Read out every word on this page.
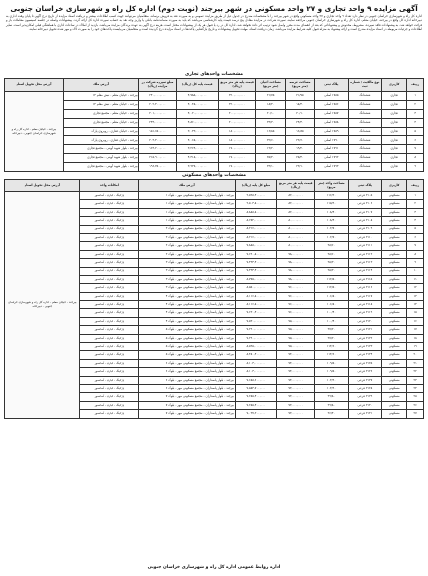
آگهی مزایده ۹ واحد تجاری و ۲۷ واحد مسکونی در شهر بیرجند (نوبت دوم) اداره کل راه و شهرسازی خراسان جنوبی
اداره کل راه و شهرسازی خراسان جنوبی در نظر دارد تعداد ۹ واحد تجاری و ۲۷ واحد مسکونی واقع در شهر بیرجند را با مشخصات مندرج در جدول ذیل از طریق مزایده عمومی و به صورت نقد به فروش برساند. متقاضیان می‌توانند جهت کسب اطلاعات بیشتر و دریافت اسناد مزایده از تاریخ درج آگهی تا پایان وقت اداری به دبیرخانه اداره کل واقع در بیرجند، خیابان معلم، اداره کل راه و شهرسازی خراسان جنوبی مراجعه نمایند. سپرده شرکت در مزایده معادل پنج درصد قیمت پایه کارشناسی می‌باشد که باید به صورت ضمانت‌نامه بانکی یا واریز وجه نقد به حساب سپرده اداره کل ارائه گردد. پیشنهادات واصله در جلسه کمیسیون معاملات باز و قرائت خواهد شد. به پیشنهادات فاقد سپرده، مشروط، مخدوش و پیشنهاداتی که بعد از انقضای مدت مقرر واصل شود ترتیب اثر داده نخواهد شد. اداره کل در رد یا قبول هر یک از پیشنهادات مختار است. هزینه درج آگهی به عهده برندگان مزایده می‌باشد. بازدید از املاک در ساعات اداری با هماهنگی قبلی امکان‌پذیر است. سایر اطلاعات و جزئیات مربوطه در اسناد مزایده مندرج است و ارائه پیشنهاد به منزله قبول کلیه شرایط مزایده می‌باشد. زمان دریافت اسناد، مهلت تحویل پیشنهادات و تاریخ بازگشایی پاکت‌ها در اسناد مزایده درج گردیده است و متقاضیان می‌بایست پاکت‌های خود را به صورت لاک و مهر شده تحویل دبیرخانه نمایند.
مشخصات واحدهای تجاری
ردیف	کاربری	نوع مالکیت / شماره ثبت	پلاک ثبتی	مساحت عرصه (متر مربع)	مساحت اعیان (متر مربع)	قیمت پایه هر متر مربع (ریال)	قیمت پایه کل (ریال)	مبلغ سپرده شرکت در مزایده (ریال)	آدرس ملک	آدرس محل تحویل اسناد
۱	تجاری	ششدانگ	۱۷۸۵ اصلی	۲۱/۷۵	۲۱/۷۵	۲۲۰,۰۰۰,۰۰۰	۴,۷۸۵,۰۰۰,۰۰۰	۲۴۰,۰۰۰,۰۰۰	بیرجند - خیابان معلم - نبش معلم ۱۳	بیرجند - خیابان معلم - اداره کل راه و شهرسازی خراسان جنوبی - دبیرخانه
۲	تجاری	ششدانگ	۱۷۸۶ اصلی	۱۸/۴۰	۱۸/۴۰	۲۲۰,۰۰۰,۰۰۰	۴,۰۴۸,۰۰۰,۰۰۰	۲۰۲,۴۰۰,۰۰۰	بیرجند - خیابان معلم - نبش معلم ۱۳	
۳	تجاری	ششدانگ	۱۷۸۷ اصلی	۲۰/۱۰	۲۰/۱۰	۲۰۰,۰۰۰,۰۰۰	۴,۰۲۰,۰۰۰,۰۰۰	۲۰۱,۰۰۰,۰۰۰	بیرجند - خیابان معلم - مجتمع تجاری	
۴	تجاری	ششدانگ	۱۷۸۸ اصلی	۲۴/۳۰	۲۴/۳۰	۲۰۰,۰۰۰,۰۰۰	۴,۸۶۰,۰۰۰,۰۰۰	۲۴۳,۰۰۰,۰۰۰	بیرجند - خیابان معلم - مجتمع تجاری	
۵	تجاری	ششدانگ	۱۷۸۹ اصلی	۱۶/۸۵	۱۶/۸۵	۱۸۰,۰۰۰,۰۰۰	۳,۰۳۳,۰۰۰,۰۰۰	۱۵۱,۶۵۰,۰۰۰	بیرجند - خیابان غفاری - روبروی پارک	
۶	تجاری	ششدانگ	۱۷۹۰ اصلی	۲۲/۶۰	۲۲/۶۰	۱۸۰,۰۰۰,۰۰۰	۴,۰۶۸,۰۰۰,۰۰۰	۲۰۳,۴۰۰,۰۰۰	بیرجند - خیابان غفاری - روبروی پارک	
۷	تجاری	ششدانگ	۱۷۹۱ اصلی	۱۹/۲۰	۱۹/۲۰	۱۷۰,۰۰۰,۰۰۰	۳,۲۶۴,۰۰۰,۰۰۰	۱۶۳,۲۰۰,۰۰۰	بیرجند - بلوار شهید آوینی - مجتمع تجاری	
۸	تجاری	ششدانگ	۱۷۹۲ اصلی	۲۵/۴۰	۲۵/۴۰	۱۷۰,۰۰۰,۰۰۰	۴,۳۱۸,۰۰۰,۰۰۰	۲۱۵,۹۰۰,۰۰۰	بیرجند - بلوار شهید آوینی - مجتمع تجاری	
۹	تجاری	ششدانگ	۱۷۹۳ اصلی	۲۳/۱۰	۲۳/۱۰	۱۷۰,۰۰۰,۰۰۰	۳,۹۲۷,۰۰۰,۰۰۰	۱۹۶,۳۵۰,۰۰۰	بیرجند - بلوار شهید آوینی - مجتمع تجاری	
مشخصات واحدهای مسکونی
ردیف	کاربری	پلاک ثبتی	مساحت واحد (متر مربع)	قیمت پایه هر متر مربع (ریال)	مبلغ کل پایه (ریال)	آدرس ملک	امکانات واحد	آدرس محل تحویل اسناد
۱	مسکونی	۲۱۰۵ فرعی	۱۱۶/۲۰	۸۲,۰۰۰,۰۰۰	۹,۵۲۸,۴۰۰,۰۰۰	بیرجند - بلوار پاسداران - مجتمع مسکونی مهر - بلوک ۱	پارکینگ - انباری - آسانسور	بیرجند - خیابان معلم - اداره کل راه و شهرسازی خراسان جنوبی - دبیرخانه
۲	مسکونی	۲۱۰۶ فرعی	۱۱۵/۹۰	۸۲,۰۰۰,۰۰۰	۹,۵۰۳,۸۰۰,۰۰۰	بیرجند - بلوار پاسداران - مجتمع مسکونی مهر - بلوک ۱	پارکینگ - انباری - آسانسور	
۳	مسکونی	۲۱۰۷ فرعی	۱۰۸/۴۰	۸۲,۰۰۰,۰۰۰	۸,۸۸۸,۸۰۰,۰۰۰	بیرجند - بلوار پاسداران - مجتمع مسکونی مهر - بلوک ۱	پارکینگ - انباری - آسانسور	
۴	مسکونی	۲۱۰۸ فرعی	۱۰۸/۴۰	۸۰,۰۰۰,۰۰۰	۸,۶۷۲,۰۰۰,۰۰۰	بیرجند - بلوار پاسداران - مجتمع مسکونی مهر - بلوک ۱	پارکینگ - انباری - آسانسور	
۵	مسکونی	۲۱۰۹ فرعی	۱۰۲/۷۰	۸۰,۰۰۰,۰۰۰	۸,۲۱۶,۰۰۰,۰۰۰	بیرجند - بلوار پاسداران - مجتمع مسکونی مهر - بلوک ۲	پارکینگ - انباری - آسانسور	
۶	مسکونی	۲۱۱۰ فرعی	۱۰۲/۷۰	۸۰,۰۰۰,۰۰۰	۸,۲۱۶,۰۰۰,۰۰۰	بیرجند - بلوار پاسداران - مجتمع مسکونی مهر - بلوک ۲	پارکینگ - انباری - آسانسور	
۷	مسکونی	۲۱۱۱ فرعی	۹۸/۶۰	۸۰,۰۰۰,۰۰۰	۷,۸۸۸,۰۰۰,۰۰۰	بیرجند - بلوار پاسداران - مجتمع مسکونی مهر - بلوک ۲	پارکینگ - انباری - آسانسور	
۸	مسکونی	۲۱۱۲ فرعی	۹۸/۶۰	۷۸,۰۰۰,۰۰۰	۷,۶۹۰,۸۰۰,۰۰۰	بیرجند - بلوار پاسداران - مجتمع مسکونی مهر - بلوک ۲	پارکینگ - انباری - آسانسور	
۹	مسکونی	۲۱۱۳ فرعی	۹۵/۳۰	۷۸,۰۰۰,۰۰۰	۷,۴۳۳,۴۰۰,۰۰۰	بیرجند - بلوار پاسداران - مجتمع مسکونی مهر - بلوک ۳	پارکینگ - انباری - آسانسور	
۱۰	مسکونی	۲۱۱۴ فرعی	۹۵/۳۰	۷۸,۰۰۰,۰۰۰	۷,۴۳۳,۴۰۰,۰۰۰	بیرجند - بلوار پاسداران - مجتمع مسکونی مهر - بلوک ۳	پارکینگ - انباری - آسانسور	
۱۱	مسکونی	۲۱۱۵ فرعی	۱۱۲/۵۰	۷۸,۰۰۰,۰۰۰	۸,۷۷۵,۰۰۰,۰۰۰	بیرجند - بلوار پاسداران - مجتمع مسکونی مهر - بلوک ۳	پارکینگ - انباری - آسانسور	
۱۲	مسکونی	۲۱۱۶ فرعی	۱۱۲/۵۰	۷۶,۰۰۰,۰۰۰	۸,۵۵۰,۰۰۰,۰۰۰	بیرجند - بلوار پاسداران - مجتمع مسکونی مهر - بلوک ۳	پارکینگ - انباری - آسانسور	
۱۳	مسکونی	۲۱۱۷ فرعی	۱۰۶/۸۰	۷۶,۰۰۰,۰۰۰	۸,۱۱۶,۸۰۰,۰۰۰	بیرجند - بلوار پاسداران - مجتمع مسکونی مهر - بلوک ۴	پارکینگ - انباری - آسانسور	
۱۴	مسکونی	۲۱۱۸ فرعی	۱۰۶/۸۰	۷۶,۰۰۰,۰۰۰	۸,۱۱۶,۸۰۰,۰۰۰	بیرجند - بلوار پاسداران - مجتمع مسکونی مهر - بلوک ۴	پارکینگ - انباری - آسانسور	
۱۵	مسکونی	۲۱۱۹ فرعی	۱۰۰/۴۰	۷۶,۰۰۰,۰۰۰	۷,۶۳۰,۴۰۰,۰۰۰	بیرجند - بلوار پاسداران - مجتمع مسکونی مهر - بلوک ۴	پارکینگ - انباری - آسانسور	
۱۶	مسکونی	۲۱۲۰ فرعی	۱۰۰/۴۰	۷۵,۰۰۰,۰۰۰	۷,۵۳۰,۰۰۰,۰۰۰	بیرجند - بلوار پاسداران - مجتمع مسکونی مهر - بلوک ۴	پارکینگ - انباری - آسانسور	
۱۷	مسکونی	۲۱۲۱ فرعی	۹۷/۲۰	۷۵,۰۰۰,۰۰۰	۷,۲۹۰,۰۰۰,۰۰۰	بیرجند - بلوار پاسداران - مجتمع مسکونی مهر - بلوک ۵	پارکینگ - انباری - آسانسور	
۱۸	مسکونی	۲۱۲۲ فرعی	۹۷/۲۰	۷۵,۰۰۰,۰۰۰	۷,۲۹۰,۰۰۰,۰۰۰	بیرجند - بلوار پاسداران - مجتمع مسکونی مهر - بلوک ۵	پارکینگ - انباری - آسانسور	
۱۹	مسکونی	۲۱۲۳ فرعی	۱۱۴/۶۰	۷۵,۰۰۰,۰۰۰	۸,۵۹۵,۰۰۰,۰۰۰	بیرجند - بلوار پاسداران - مجتمع مسکونی مهر - بلوک ۵	پارکینگ - انباری - آسانسور	
۲۰	مسکونی	۲۱۲۴ فرعی	۱۱۴/۶۰	۷۴,۰۰۰,۰۰۰	۸,۴۸۰,۴۰۰,۰۰۰	بیرجند - بلوار پاسداران - مجتمع مسکونی مهر - بلوک ۵	پارکینگ - انباری - آسانسور	
۲۱	مسکونی	۲۱۲۵ فرعی	۱۰۹/۵۰	۷۴,۰۰۰,۰۰۰	۸,۱۰۳,۰۰۰,۰۰۰	بیرجند - بلوار پاسداران - مجتمع مسکونی مهر - بلوک ۶	پارکینگ - انباری - آسانسور	
۲۲	مسکونی	۲۱۲۶ فرعی	۱۰۹/۵۰	۷۴,۰۰۰,۰۰۰	۸,۱۰۳,۰۰۰,۰۰۰	بیرجند - بلوار پاسداران - مجتمع مسکونی مهر - بلوک ۶	پارکینگ - انباری - آسانسور	
۲۳	مسکونی	۲۱۲۷ فرعی	۱۰۳/۹۰	۷۴,۰۰۰,۰۰۰	۷,۶۸۸,۶۰۰,۰۰۰	بیرجند - بلوار پاسداران - مجتمع مسکونی مهر - بلوک ۶	پارکینگ - انباری - آسانسور	
۲۴	مسکونی	۲۱۲۸ فرعی	۱۰۳/۹۰	۷۳,۰۰۰,۰۰۰	۷,۵۸۴,۷۰۰,۰۰۰	بیرجند - بلوار پاسداران - مجتمع مسکونی مهر - بلوک ۶	پارکینگ - انباری - آسانسور	
۲۵	مسکونی	۲۱۲۹ فرعی	۹۹/۸۰	۷۳,۰۰۰,۰۰۰	۷,۲۸۵,۴۰۰,۰۰۰	بیرجند - بلوار پاسداران - مجتمع مسکونی مهر - بلوک ۷	پارکینگ - انباری - آسانسور	
۲۶	مسکونی	۲۱۳۰ فرعی	۹۹/۸۰	۷۳,۰۰۰,۰۰۰	۷,۲۸۵,۴۰۰,۰۰۰	بیرجند - بلوار پاسداران - مجتمع مسکونی مهر - بلوک ۷	پارکینگ - انباری - آسانسور	
۲۷	مسکونی	۲۱۳۱ فرعی	۹۶/۴۰	۷۳,۰۰۰,۰۰۰	۷,۰۳۷,۲۰۰,۰۰۰	بیرجند - بلوار پاسداران - مجتمع مسکونی مهر - بلوک ۷	پارکینگ - انباری - آسانسور	
اداره روابط عمومی اداره کل راه و شهرسازی خراسان جنوبی
